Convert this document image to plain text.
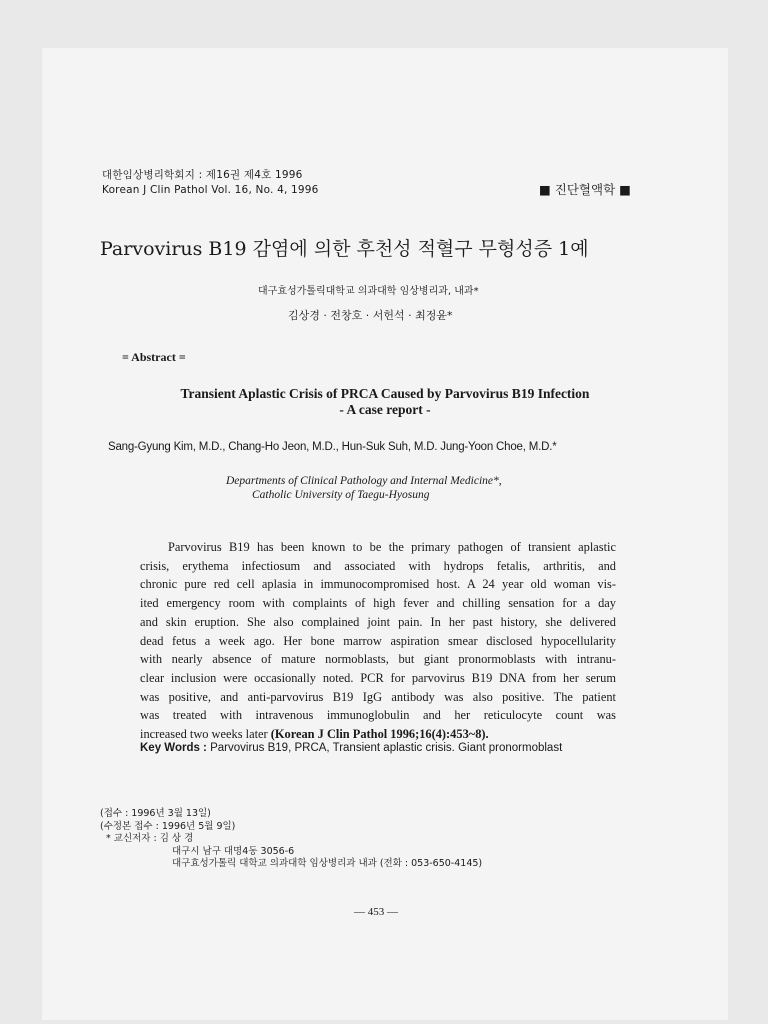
대한임상병리학회지 : 제16권 제4호 1996
Korean J Clin Pathol Vol. 16, No. 4, 1996	■ 진단혈액학 ■
Parvovirus B19 감염에 의한 후천성 적혈구 무형성증 1예
대구효성가톨릭대학교 의과대학 임상병리과, 내과*
김상경 · 전창호 · 서헌석 · 최정윤*
= Abstract =
Transient Aplastic Crisis of PRCA Caused by Parvovirus B19 Infection
- A case report -
Sang-Gyung Kim, M.D., Chang-Ho Jeon, M.D., Hun-Suk Suh, M.D. Jung-Yoon Choe, M.D.*
Departments of Clinical Pathology and Internal Medicine*,
Catholic University of Taegu-Hyosung
Parvovirus B19 has been known to be the primary pathogen of transient aplastic
crisis, erythema infectiosum and associated with hydrops fetalis, arthritis, and
chronic pure red cell aplasia in immunocompromised host. A 24 year old woman vis-
ited emergency room with complaints of high fever and chilling sensation for a day
and skin eruption. She also complained joint pain. In her past history, she delivered
dead fetus a week ago. Her bone marrow aspiration smear disclosed hypocellularity
with nearly absence of mature normoblasts, but giant pronormoblasts with intranu-
clear inclusion were occasionally noted. PCR for parvovirus B19 DNA from her serum
was positive, and anti-parvovirus B19 IgG antibody was also positive. The patient
was treated with intravenous immunoglobulin and her reticulocyte count was
increased two weeks later (Korean J Clin Pathol 1996;16(4):453~8).
Key Words : Parvovirus B19, PRCA, Transient aplastic crisis. Giant pronormoblast
(접수 : 1996년 3월 13일)
(수정본 접수 : 1996년 5월 9일)
* 교신저자 : 김 상 경
대구시 남구 대명4동 3056-6
대구효성가톨릭 대학교 의과대학 임상병리과 내과 (전화 : 053-650-4145)
— 453 —
